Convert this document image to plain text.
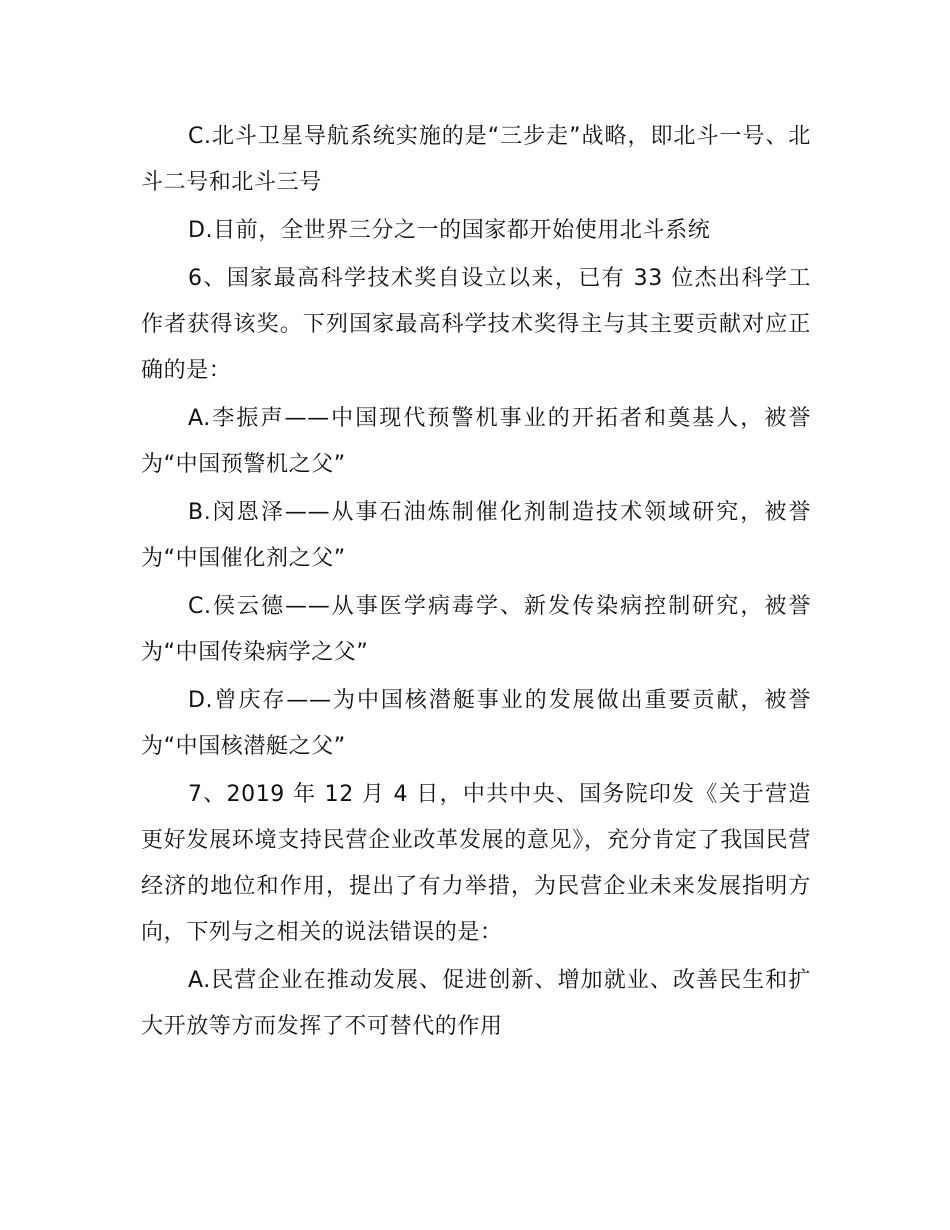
C.北斗卫星导航系统实施的是“三步走”战略，即北斗一号、北斗二号和北斗三号

D.目前，全世界三分之一的国家都开始使用北斗系统

6、国家最高科学技术奖自设立以来，已有 33 位杰出科学工作者获得该奖。下列国家最高科学技术奖得主与其主要贡献对应正确的是：

A.李振声——中国现代预警机事业的开拓者和奠基人，被誉为“中国预警机之父”

B.闵恩泽——从事石油炼制催化剂制造技术领域研究，被誉为“中国催化剂之父”

C.侯云德——从事医学病毒学、新发传染病控制研究，被誉为“中国传染病学之父”

D.曾庆存——为中国核潜艇事业的发展做出重要贡献，被誉为“中国核潜艇之父”

7、2019 年 12 月 4 日，中共中央、国务院印发《关于营造更好发展环境支持民营企业改革发展的意见》，充分肯定了我国民营经济的地位和作用，提出了有力举措，为民营企业未来发展指明方向，下列与之相关的说法错误的是：

A.民营企业在推动发展、促进创新、增加就业、改善民生和扩大开放等方而发挥了不可替代的作用
